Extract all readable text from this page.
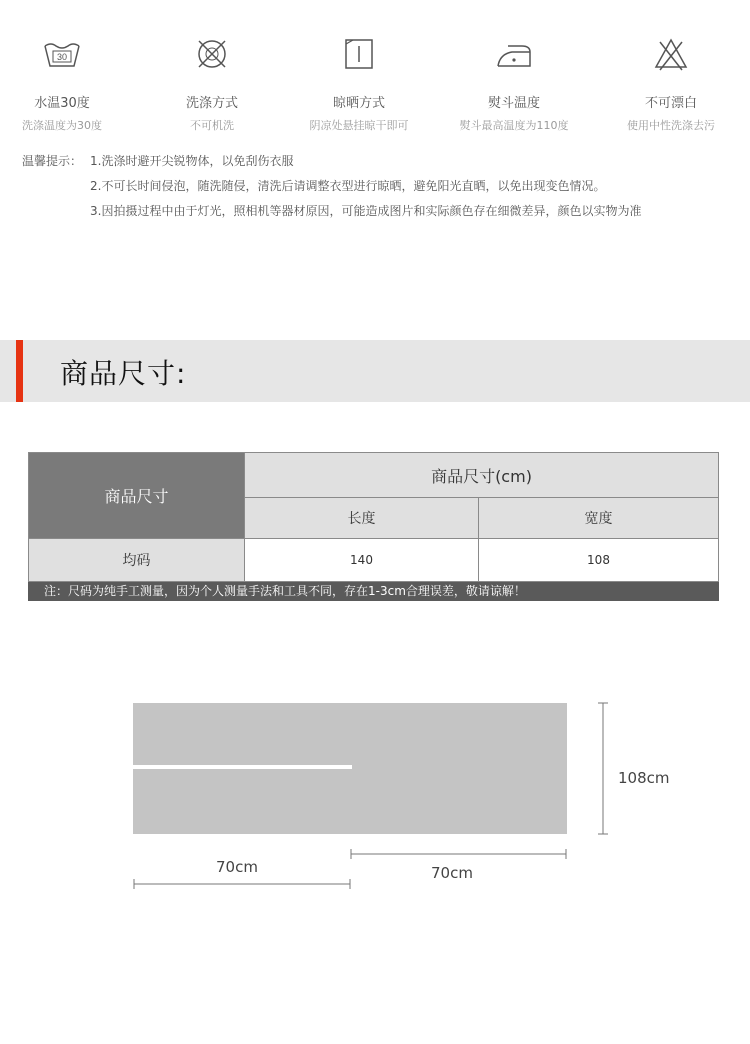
30
水温30度
洗涤温度为30度
洗涤方式
不可机洗
晾晒方式
阴凉处悬挂晾干即可
熨斗温度
熨斗最高温度为110度
不可漂白
使用中性洗涤去污
温馨提示： 1.洗涤时避开尖锐物体，以免刮伤衣服
2.不可长时间侵泡，随洗随侵，清洗后请调整衣型进行晾晒，避免阳光直晒，以免出现变色情况。
3.因拍摄过程中由于灯光，照相机等器材原因，可能造成图片和实际颜色存在细微差异，颜色以实物为准
商品尺寸:
商品尺寸	商品尺寸(cm)	
	长度	宽度
均码	140	108
注：尺码为纯手工测量，因为个人测量手法和工具不同，存在1-3cm合理误差，敬请谅解！
108cm
70cm	70cm
